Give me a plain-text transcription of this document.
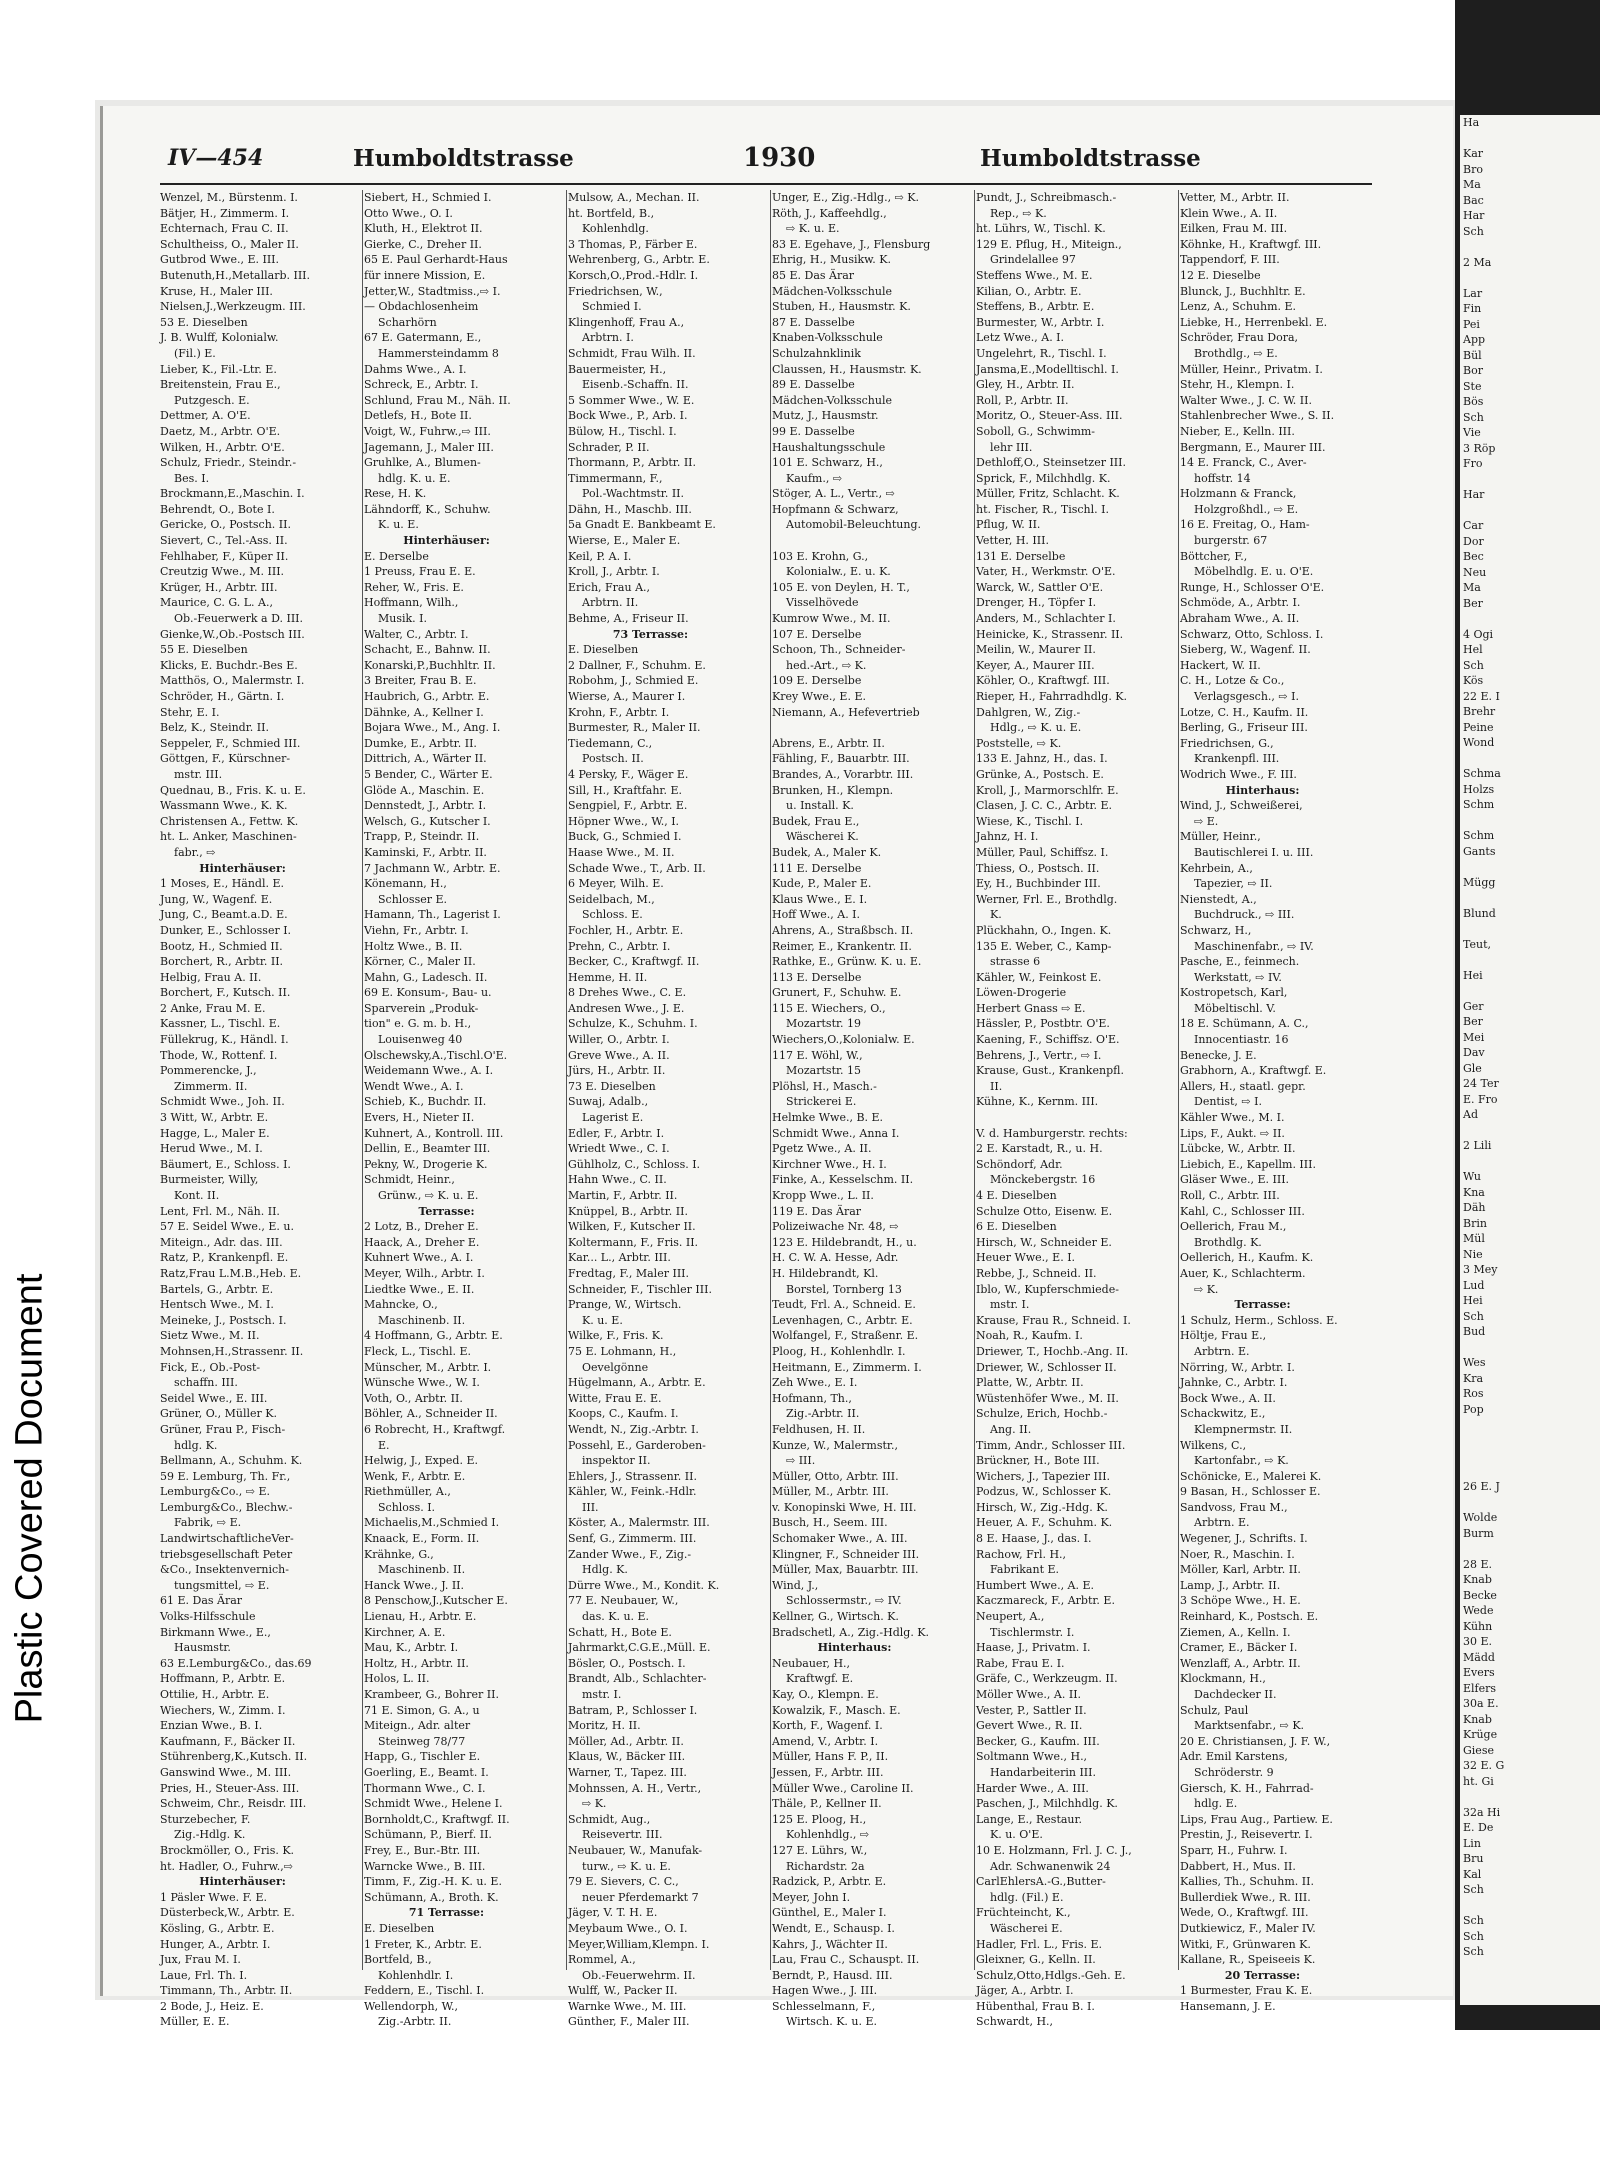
Plastic Covered Document
Ha

Kar
Bro
Ma
Bac
Har
Sch

2 Ma

Lar
Fin
Pei
App
Bül
Bor
Ste
Bös
Sch
Vie
3 Röp
Fro

Har

Car
Dor
Bec
Neu
Ma
Ber

4 Ogi
Hel
Sch
Kös
22 E. I
Brehr
Peine
Wond

Schma
Holzs
Schm

Schm
Gants

Mügg

Blund

Teut,

Hei

Ger
Ber
Mei
Dav
Gle
24 Ter
E. Fro
Ad

2 Lili

Wu
Kna
Däh
Brin
Mül
Nie
3 Mey
Lud
Hei
Sch
Bud

Wes
Kra
Ros
Pop

26 E. J

Wolde
Burm

28 E.
Knab
Becke
Wede
Kühn
30 E.
Mädd
Evers
Elfers
30a E.
Knab
Krüge
Giese
32 E. G
ht. Gi

32a Hi
E. De
Lin
Bru
Kal
Sch

Sch
Sch
Sch
IV—454	Humboldtstrasse	1930	Humboldtstrasse
Wenzel, M., Bürstenm. I.
Bätjer, H., Zimmerm. I.
Echternach, Frau C. II.
Schultheiss, O., Maler II.
Gutbrod Wwe., E. III.
Butenuth,H.,Metallarb. III.
Kruse, H., Maler III.
Nielsen,J.,Werkzeugm. III.
53 E. Dieselben
J. B. Wulff, Kolonialw.
(Fil.) E.
Lieber, K., Fil.-Ltr. E.
Breitenstein, Frau E.,
Putzgesch. E.
Dettmer, A. O'E.
Daetz, M., Arbtr. O'E.
Wilken, H., Arbtr. O'E.
Schulz, Friedr., Steindr.-
Bes. I.
Brockmann,E.,Maschin. I.
Behrendt, O., Bote I.
Gericke, O., Postsch. II.
Sievert, C., Tel.-Ass. II.
Fehlhaber, F., Küper II.
Creutzig Wwe., M. III.
Krüger, H., Arbtr. III.
Maurice, C. G. L. A.,
Ob.-Feuerwerk a D. III.
Gienke,W.,Ob.-Postsch III.
55 E. Dieselben
Klicks, E. Buchdr.-Bes E.
Matthös, O., Malermstr. I.
Schröder, H., Gärtn. I.
Stehr, E. I.
Belz, K., Steindr. II.
Seppeler, F., Schmied III.
Göttgen, F., Kürschner-
mstr. III.
Quednau, B., Fris. K. u. E.
Wassmann Wwe., K. K.
Christensen A., Fettw. K.
ht. L. Anker, Maschinen-
fabr., ⇨
Hinterhäuser:
1 Moses, E., Händl. E.
Jung, W., Wagenf. E.
Jung, C., Beamt.a.D. E.
Dunker, E., Schlosser I.
Bootz, H., Schmied II.
Borchert, R., Arbtr. II.
Helbig, Frau A. II.
Borchert, F., Kutsch. II.
2 Anke, Frau M. E.
Kassner, L., Tischl. E.
Füllekrug, K., Händl. I.
Thode, W., Rottenf. I.
Pommerencke, J.,
Zimmerm. II.
Schmidt Wwe., Joh. II.
3 Witt, W., Arbtr. E.
Hagge, L., Maler E.
Herud Wwe., M. I.
Bäumert, E., Schloss. I.
Burmeister, Willy,
Kont. II.
Lent, Frl. M., Näh. II.
57 E. Seidel Wwe., E. u.
Miteign., Adr. das. III.
Ratz, P., Krankenpfl. E.
Ratz,Frau L.M.B.,Heb. E.
Bartels, G., Arbtr. E.
Hentsch Wwe., M. I.
Meineke, J., Postsch. I.
Sietz Wwe., M. II.
Mohnsen,H.,Strassenr. II.
Fick, E., Ob.-Post-
schaffn. III.
Seidel Wwe., E. III.
Grüner, O., Müller K.
Grüner, Frau P., Fisch-
hdlg. K.
Bellmann, A., Schuhm. K.
59 E. Lemburg, Th. Fr.,
Lemburg&Co., ⇨ E.
Lemburg&Co., Blechw.-
Fabrik, ⇨ E.
LandwirtschaftlicheVer-
triebsgesellschaft Peter
&Co., Insektenvernich-
tungsmittel, ⇨ E.
61 E. Das Ärar
Volks-Hilfsschule
Birkmann Wwe., E.,
Hausmstr.
63 E.Lemburg&Co., das.69
Hoffmann, P., Arbtr. E.
Ottilie, H., Arbtr. E.
Wiechers, W., Zimm. I.
Enzian Wwe., B. I.
Kaufmann, F., Bäcker II.
Stührenberg,K.,Kutsch. II.
Ganswind Wwe., M. III.
Pries, H., Steuer-Ass. III.
Schweim, Chr., Reisdr. III.
Sturzebecher, F.
Zig.-Hdlg. K.
Brockmöller, O., Fris. K.
ht. Hadler, O., Fuhrw.,⇨
Hinterhäuser:
1 Päsler Wwe. F. E.
Düsterbeck,W., Arbtr. E.
Kösling, G., Arbtr. E.
Hunger, A., Arbtr. I.
Jux, Frau M. I.
Laue, Frl. Th. I.
Timmann, Th., Arbtr. II.
2 Bode, J., Heiz. E.
Müller, E. E.
Siebert, H., Schmied I.
Otto Wwe., O. I.
Kluth, H., Elektrot II.
Gierke, C., Dreher II.
65 E. Paul Gerhardt-Haus
für innere Mission, E.
Jetter,W., Stadtmiss.,⇨ I.
— Obdachlosenheim
Scharhörn
67 E. Gatermann, E.,
Hammersteindamm 8
Dahms Wwe., A. I.
Schreck, E., Arbtr. I.
Schlund, Frau M., Näh. II.
Detlefs, H., Bote II.
Voigt, W., Fuhrw.,⇨ III.
Jagemann, J., Maler III.
Gruhlke, A., Blumen-
hdlg. K. u. E.
Rese, H. K.
Lähndorff, K., Schuhw.
K. u. E.
Hinterhäuser:
E. Derselbe
1 Preuss, Frau E. E.
Reher, W., Fris. E.
Hoffmann, Wilh.,
Musik. I.
Walter, C., Arbtr. I.
Schacht, E., Bahnw. II.
Konarski,P.,Buchhltr. II.
3 Breiter, Frau B. E.
Haubrich, G., Arbtr. E.
Dähnke, A., Kellner I.
Bojara Wwe., M., Ang. I.
Dumke, E., Arbtr. II.
Dittrich, A., Wärter II.
5 Bender, C., Wärter E.
Glöde A., Maschin. E.
Dennstedt, J., Arbtr. I.
Welsch, G., Kutscher I.
Trapp, P., Steindr. II.
Kaminski, F., Arbtr. II.
7 Jachmann W., Arbtr. E.
Könemann, H.,
Schlosser E.
Hamann, Th., Lagerist I.
Viehn, Fr., Arbtr. I.
Holtz Wwe., B. II.
Körner, C., Maler II.
Mahn, G., Ladesch. II.
69 E. Konsum-, Bau- u.
Sparverein „Produk-
tion" e. G. m. b. H.,
Louisenweg 40
Olschewsky,A.,Tischl.O'E.
Weidemann Wwe., A. I.
Wendt Wwe., A. I.
Schieb, K., Buchdr. II.
Evers, H., Nieter II.
Kuhnert, A., Kontroll. III.
Dellin, E., Beamter III.
Pekny, W., Drogerie K.
Schmidt, Heinr.,
Grünw., ⇨ K. u. E.
Terrasse:
2 Lotz, B., Dreher E.
Haack, A., Dreher E.
Kuhnert Wwe., A. I.
Meyer, Wilh., Arbtr. I.
Liedtke Wwe., E. II.
Mahncke, O.,
Maschinenb. II.
4 Hoffmann, G., Arbtr. E.
Fleck, L., Tischl. E.
Münscher, M., Arbtr. I.
Wünsche Wwe., W. I.
Voth, O., Arbtr. II.
Böhler, A., Schneider II.
6 Robrecht, H., Kraftwgf.
E.
Helwig, J., Exped. E.
Wenk, F., Arbtr. E.
Riethmüller, A.,
Schloss. I.
Michaelis,M.,Schmied I.
Knaack, E., Form. II.
Krähnke, G.,
Maschinenb. II.
Hanck Wwe., J. II.
8 Penschow,J.,Kutscher E.
Lienau, H., Arbtr. E.
Kirchner, A. E.
Mau, K., Arbtr. I.
Holtz, H., Arbtr. II.
Holos, L. II.
Krambeer, G., Bohrer II.
71 E. Simon, G. A., u
Miteign., Adr. alter
Steinweg 78/77
Happ, G., Tischler E.
Goerling, E., Beamt. I.
Thormann Wwe., C. I.
Schmidt Wwe., Helene I.
Bornholdt,C., Kraftwgf. II.
Schümann, P., Bierf. II.
Frey, E., Bur.-Btr. III.
Warncke Wwe., B. III.
Timm, F., Zig.-H. K. u. E.
Schümann, A., Broth. K.
71 Terrasse:
E. Dieselben
1 Freter, K., Arbtr. E.
Bortfeld, B.,
Kohlenhdlr. I.
Feddern, E., Tischl. I.
Wellendorph, W.,
Zig.-Arbtr. II.
Mulsow, A., Mechan. II.
ht. Bortfeld, B.,
Kohlenhdlg.
3 Thomas, P., Färber E.
Wehrenberg, G., Arbtr. E.
Korsch,O.,Prod.-Hdlr. I.
Friedrichsen, W.,
Schmied I.
Klingenhoff, Frau A.,
Arbtrn. I.
Schmidt, Frau Wilh. II.
Bauermeister, H.,
Eisenb.-Schaffn. II.
5 Sommer Wwe., W. E.
Bock Wwe., P., Arb. I.
Bülow, H., Tischl. I.
Schrader, P. II.
Thormann, P., Arbtr. II.
Timmermann, F.,
Pol.-Wachtmstr. II.
Dähn, H., Maschb. III.
5a Gnadt E. Bankbeamt E.
Wierse, E., Maler E.
Keil, P. A. I.
Kroll, J., Arbtr. I.
Erich, Frau A.,
Arbtrn. II.
Behme, A., Friseur II.
73 Terrasse:
E. Dieselben
2 Dallner, F., Schuhm. E.
Robohm, J., Schmied E.
Wierse, A., Maurer I.
Krohn, F., Arbtr. I.
Burmester, R., Maler II.
Tiedemann, C.,
Postsch. II.
4 Persky, F., Wäger E.
Sill, H., Kraftfahr. E.
Sengpiel, F., Arbtr. E.
Höpner Wwe., W., I.
Buck, G., Schmied I.
Haase Wwe., M. II.
Schade Wwe., T., Arb. II.
6 Meyer, Wilh. E.
Seidelbach, M.,
Schloss. E.
Fochler, H., Arbtr. E.
Prehn, C., Arbtr. I.
Becker, C., Kraftwgf. II.
Hemme, H. II.
8 Drehes Wwe., C. E.
Andresen Wwe., J. E.
Schulze, K., Schuhm. I.
Willer, O., Arbtr. I.
Greve Wwe., A. II.
Jürs, H., Arbtr. II.
73 E. Dieselben
Suwaj, Adalb.,
Lagerist E.
Edler, F., Arbtr. I.
Wriedt Wwe., C. I.
Gühlholz, C., Schloss. I.
Hahn Wwe., C. II.
Martin, F., Arbtr. II.
Knüppel, B., Arbtr. II.
Wilken, F., Kutscher II.
Koltermann, F., Fris. II.
Kar... L., Arbtr. III.
Fredtag, F., Maler III.
Schneider, F., Tischler III.
Prange, W., Wirtsch.
K. u. E.
Wilke, F., Fris. K.
75 E. Lohmann, H.,
Oevelgönne
Hügelmann, A., Arbtr. E.
Witte, Frau E. E.
Koops, C., Kaufm. I.
Wendt, N., Zig.-Arbtr. I.
Possehl, E., Garderoben-
inspektor II.
Ehlers, J., Strassenr. II.
Kähler, W., Feink.-Hdlr.
III.
Köster, A., Malermstr. III.
Senf, G., Zimmerm. III.
Zander Wwe., F., Zig.-
Hdlg. K.
Dürre Wwe., M., Kondit. K.
77 E. Neubauer, W.,
das. K. u. E.
Schatt, H., Bote E.
Jahrmarkt,C.G.E.,Müll. E.
Bösler, O., Postsch. I.
Brandt, Alb., Schlachter-
mstr. I.
Batram, P., Schlosser I.
Moritz, H. II.
Möller, Ad., Arbtr. II.
Klaus, W., Bäcker III.
Warner, T., Tapez. III.
Mohnssen, A. H., Vertr.,
⇨ K.
Schmidt, Aug.,
Reisevertr. III.
Neubauer, W., Manufak-
turw., ⇨ K. u. E.
79 E. Sievers, C. C.,
neuer Pferdemarkt 7
Jäger, V. T. H. E.
Meybaum Wwe., O. I.
Meyer,William,Klempn. I.
Rommel, A.,
Ob.-Feuerwehrm. II.
Wulff, W., Packer II.
Warnke Wwe., M. III.
Günther, F., Maler III.
Unger, E., Zig.-Hdlg., ⇨ K.
Röth, J., Kaffeehdlg.,
⇨ K. u. E.
83 E. Egehave, J., Flensburg
Ehrig, H., Musikw. K.
85 E. Das Ärar
Mädchen-Volksschule
Stuben, H., Hausmstr. K.
87 E. Dasselbe
Knaben-Volksschule
Schulzahnklinik
Claussen, H., Hausmstr. K.
89 E. Dasselbe
Mädchen-Volksschule
Mutz, J., Hausmstr.
99 E. Dasselbe
Haushaltungsschule
101 E. Schwarz, H.,
Kaufm., ⇨
Stöger, A. L., Vertr., ⇨
Hopfmann & Schwarz,
Automobil-Beleuchtung.

103 E. Krohn, G.,
Kolonialw., E. u. K.
105 E. von Deylen, H. T.,
Visselhövede
Kumrow Wwe., M. II.
107 E. Derselbe
Schoon, Th., Schneider-
hed.-Art., ⇨ K.
109 E. Derselbe
Krey Wwe., E. E.
Niemann, A., Hefevertrieb

Abrens, E., Arbtr. II.
Fähling, F., Bauarbtr. III.
Brandes, A., Vorarbtr. III.
Brunken, H., Klempn.
u. Install. K.
Budek, Frau E.,
Wäscherei K.
Budek, A., Maler K.
111 E. Derselbe
Kude, P., Maler E.
Klaus Wwe., E. I.
Hoff Wwe., A. I.
Ahrens, A., Straßbsch. II.
Reimer, E., Krankentr. II.
Rathke, E., Grünw. K. u. E.
113 E. Derselbe
Grunert, F., Schuhw. E.
115 E. Wiechers, O.,
Mozartstr. 19
Wiechers,O.,Kolonialw. E.
117 E. Wöhl, W.,
Mozartstr. 15
Plöhsl, H., Masch.-
Strickerei E.
Helmke Wwe., B. E.
Schmidt Wwe., Anna I.
Pgetz Wwe., A. II.
Kirchner Wwe., H. I.
Finke, A., Kesselschm. II.
Kropp Wwe., L. II.
119 E. Das Ärar
Polizeiwache Nr. 48, ⇨
123 E. Hildebrandt, H., u.
H. C. W. A. Hesse, Adr.
H. Hildebrandt, Kl.
Borstel, Tornberg 13
Teudt, Frl. A., Schneid. E.
Levenhagen, C., Arbtr. E.
Wolfangel, F., Straßenr. E.
Ploog, H., Kohlenhdlr. I.
Heitmann, E., Zimmerm. I.
Zeh Wwe., E. I.
Hofmann, Th.,
Zig.-Arbtr. II.
Feldhusen, H. II.
Kunze, W., Malermstr.,
⇨ III.
Müller, Otto, Arbtr. III.
Müller, M., Arbtr. III.
v. Konopinski Wwe, H. III.
Busch, H., Seem. III.
Schomaker Wwe., A. III.
Klingner, F., Schneider III.
Müller, Max, Bauarbtr. III.
Wind, J.,
Schlossermstr., ⇨ IV.
Kellner, G., Wirtsch. K.
Bradschetl, A., Zig.-Hdlg. K.
Hinterhaus:
Neubauer, H.,
Kraftwgf. E.
Kay, O., Klempn. E.
Kowalzik, F., Masch. E.
Korth, F., Wagenf. I.
Amend, V., Arbtr. I.
Müller, Hans F. P., II.
Jessen, F., Arbtr. III.
Müller Wwe., Caroline II.
Thäle, P., Kellner II.
125 E. Ploog, H.,
Kohlenhdlg., ⇨
127 E. Lührs, W.,
Richardstr. 2a
Radzick, P., Arbtr. E.
Meyer, John I.
Günthel, E., Maler I.
Wendt, E., Schausp. I.
Kahrs, J., Wächter II.
Lau, Frau C., Schauspt. II.
Berndt, P., Hausd. III.
Hagen Wwe., J. III.
Schlesselmann, F.,
Wirtsch. K. u. E.
Pundt, J., Schreibmasch.-
Rep., ⇨ K.
ht. Lührs, W., Tischl. K.
129 E. Pflug, H., Miteign.,
Grindelallee 97
Steffens Wwe., M. E.
Kilian, O., Arbtr. E.
Steffens, B., Arbtr. E.
Burmester, W., Arbtr. I.
Letz Wwe., A. I.
Ungelehrt, R., Tischl. I.
Jansma,E.,Modelltischl. I.
Gley, H., Arbtr. II.
Roll, P., Arbtr. II.
Moritz, O., Steuer-Ass. III.
Soboll, G., Schwimm-
lehr III.
Dethloff,O., Steinsetzer III.
Sprick, F., Milchhdlg. K.
Müller, Fritz, Schlacht. K.
ht. Fischer, R., Tischl. I.
Pflug, W. II.
Vetter, H. III.
131 E. Derselbe
Vater, H., Werkmstr. O'E.
Warck, W., Sattler O'E.
Drenger, H., Töpfer I.
Anders, M., Schlachter I.
Heinicke, K., Strassenr. II.
Meilin, W., Maurer II.
Keyer, A., Maurer III.
Köhler, O., Kraftwgf. III.
Rieper, H., Fahrradhdlg. K.
Dahlgren, W., Zig.-
Hdlg., ⇨ K. u. E.
Poststelle, ⇨ K.
133 E. Jahnz, H., das. I.
Grünke, A., Postsch. E.
Kroll, J., Marmorschlfr. E.
Clasen, J. C. C., Arbtr. E.
Wiese, K., Tischl. I.
Jahnz, H. I.
Müller, Paul, Schiffsz. I.
Thiess, O., Postsch. II.
Ey, H., Buchbinder III.
Werner, Frl. E., Brothdlg.
K.
Plückhahn, O., Ingen. K.
135 E. Weber, C., Kamp-
strasse 6
Kähler, W., Feinkost E.
Löwen-Drogerie
Herbert Gnass ⇨ E.
Hässler, P., Postbtr. O'E.
Kaening, F., Schiffsz. O'E.
Behrens, J., Vertr., ⇨ I.
Krause, Gust., Krankenpfl.
II.
Kühne, K., Kernm. III.

V. d. Hamburgerstr. rechts:
2 E. Karstadt, R., u. H.
Schöndorf, Adr.
Mönckebergstr. 16
4 E. Dieselben
Schulze Otto, Eisenw. E.
6 E. Dieselben
Hirsch, W., Schneider E.
Heuer Wwe., E. I.
Rebbe, J., Schneid. II.
Iblo, W., Kupferschmiede-
mstr. I.
Krause, Frau R., Schneid. I.
Noah, R., Kaufm. I.
Driewer, T., Hochb.-Ang. II.
Driewer, W., Schlosser II.
Platte, W., Arbtr. II.
Wüstenhöfer Wwe., M. II.
Schulze, Erich, Hochb.-
Ang. II.
Timm, Andr., Schlosser III.
Brückner, H., Bote III.
Wichers, J., Tapezier III.
Podzus, W., Schlosser K.
Hirsch, W., Zig.-Hdg. K.
Heuer, A. F., Schuhm. K.
8 E. Haase, J., das. I.
Rachow, Frl. H.,
Fabrikant E.
Humbert Wwe., A. E.
Kaczmareck, F., Arbtr. E.
Neupert, A.,
Tischlermstr. I.
Haase, J., Privatm. I.
Rabe, Frau E. I.
Gräfe, C., Werkzeugm. II.
Möller Wwe., A. II.
Vester, P., Sattler II.
Gevert Wwe., R. II.
Becker, G., Kaufm. III.
Soltmann Wwe., H.,
Handarbeiterin III.
Harder Wwe., A. III.
Paschen, J., Milchhdlg. K.
Lange, E., Restaur.
K. u. O'E.
10 E. Holzmann, Frl. J. C. J.,
Adr. Schwanenwik 24
CarlEhlersA.-G.,Butter-
hdlg. (Fil.) E.
Früchteincht, K.,
Wäscherei E.
Hadler, Frl. L., Fris. E.
Gleixner, G., Kelln. II.
Schulz,Otto,Hdlgs.-Geh. E.
Jäger, A., Arbtr. I.
Hübenthal, Frau B. I.
Schwardt, H.,
Vetter, M., Arbtr. II.
Klein Wwe., A. II.
Eilken, Frau M. III.
Köhnke, H., Kraftwgf. III.
Tappendorf, F. III.
12 E. Dieselbe
Blunck, J., Buchhltr. E.
Lenz, A., Schuhm. E.
Liebke, H., Herrenbekl. E.
Schröder, Frau Dora,
Brothdlg., ⇨ E.
Müller, Heinr., Privatm. I.
Stehr, H., Klempn. I.
Walter Wwe., J. C. W. II.
Stahlenbrecher Wwe., S. II.
Nieber, E., Kelln. III.
Bergmann, E., Maurer III.
14 E. Franck, C., Aver-
hoffstr. 14
Holzmann & Franck,
Holzgroßhdl., ⇨ E.
16 E. Freitag, O., Ham-
burgerstr. 67
Böttcher, F.,
Möbelhdlg. E. u. O'E.
Runge, H., Schlosser O'E.
Schmöde, A., Arbtr. I.
Abraham Wwe., A. II.
Schwarz, Otto, Schloss. I.
Sieberg, W., Wagenf. II.
Hackert, W. II.
C. H., Lotze & Co.,
Verlagsgesch., ⇨ I.
Lotze, C. H., Kaufm. II.
Berling, G., Friseur III.
Friedrichsen, G.,
Krankenpfl. III.
Wodrich Wwe., F. III.
Hinterhaus:
Wind, J., Schweißerei,
⇨ E.
Müller, Heinr.,
Bautischlerei I. u. III.
Kehrbein, A.,
Tapezier, ⇨ II.
Nienstedt, A.,
Buchdruck., ⇨ III.
Schwarz, H.,
Maschinenfabr., ⇨ IV.
Pasche, E., feinmech.
Werkstatt, ⇨ IV.
Kostropetsch, Karl,
Möbeltischl. V.
18 E. Schümann, A. C.,
Innocentiastr. 16
Benecke, J. E.
Grabhorn, A., Kraftwgf. E.
Allers, H., staatl. gepr.
Dentist, ⇨ I.
Kähler Wwe., M. I.
Lips, F., Aukt. ⇨ II.
Lübcke, W., Arbtr. II.
Liebich, E., Kapellm. III.
Gläser Wwe., E. III.
Roll, C., Arbtr. III.
Kahl, C., Schlosser III.
Oellerich, Frau M.,
Brothdlg. K.
Oellerich, H., Kaufm. K.
Auer, K., Schlachterm.
⇨ K.
Terrasse:
1 Schulz, Herm., Schloss. E.
Höltje, Frau E.,
Arbtrn. E.
Nörring, W., Arbtr. I.
Jahnke, C., Arbtr. I.
Bock Wwe., A. II.
Schackwitz, E.,
Klempnermstr. II.
Wilkens, C.,
Kartonfabr., ⇨ K.
Schönicke, E., Malerei K.
9 Basan, H., Schlosser E.
Sandvoss, Frau M.,
Arbtrn. E.
Wegener, J., Schrifts. I.
Noer, R., Maschin. I.
Möller, Karl, Arbtr. II.
Lamp, J., Arbtr. II.
3 Schöpe Wwe., H. E.
Reinhard, K., Postsch. E.
Ziemen, A., Kelln. I.
Cramer, E., Bäcker I.
Wenzlaff, A., Arbtr. II.
Klockmann, H.,
Dachdecker II.
Schulz, Paul
Marktsenfabr., ⇨ K.
20 E. Christiansen, J. F. W.,
Adr. Emil Karstens,
Schröderstr. 9
Giersch, K. H., Fahrrad-
hdlg. E.
Lips, Frau Aug., Partiew. E.
Prestin, J., Reisevertr. I.
Sparr, H., Fuhrw. I.
Dabbert, H., Mus. II.
Kallies, Th., Schuhm. II.
Bullerdiek Wwe., R. III.
Wede, O., Kraftwgf. III.
Dutkiewicz, F., Maler IV.
Witki, F., Grünwaren K.
Kallane, R., Speiseeis K.
20 Terrasse:
1 Burmester, Frau K. E.
Hansemann, J. E.
